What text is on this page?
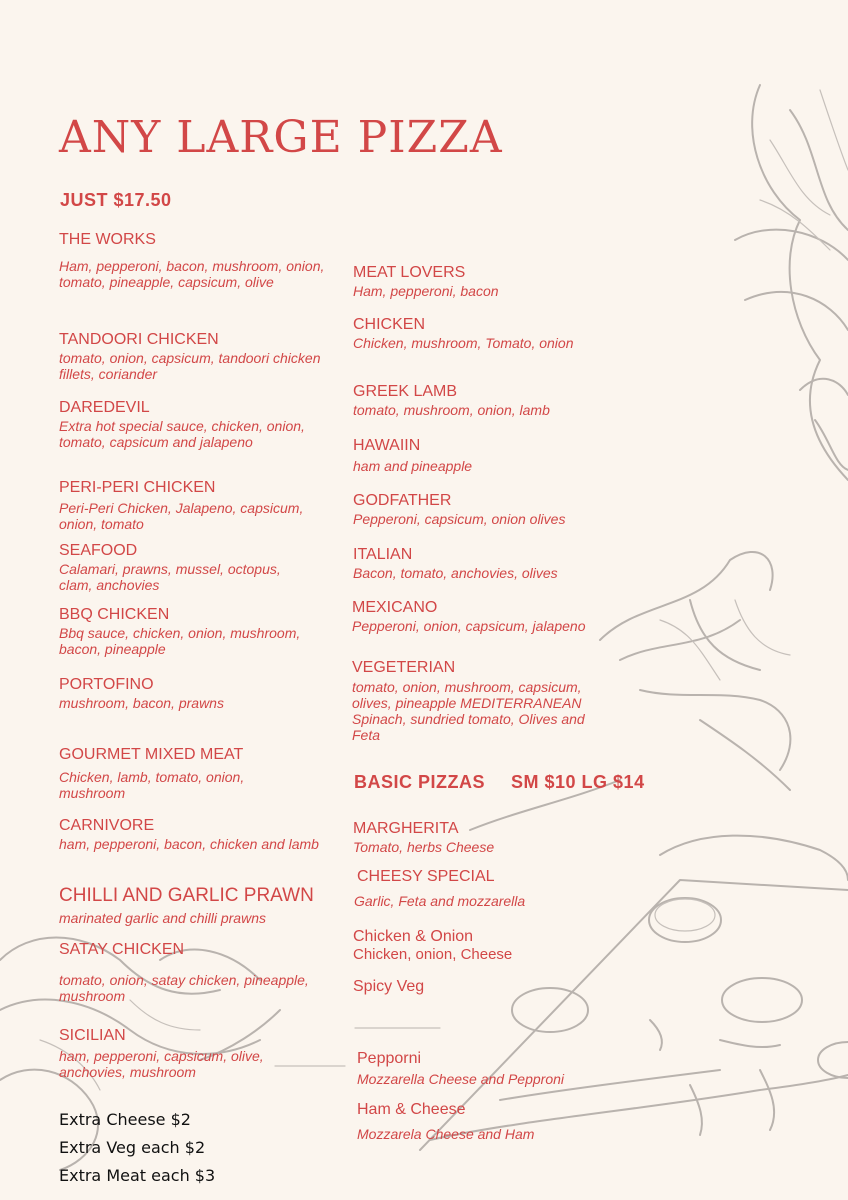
ANY LARGE PIZZA
JUST $17.50
THE WORKS
Ham, pepperoni, bacon, mushroom, onion, tomato, pineapple, capsicum, olive
TANDOORI CHICKEN
tomato, onion, capsicum, tandoori chicken fillets, coriander
DAREDEVIL
Extra hot special sauce, chicken, onion, tomato, capsicum and jalapeno
PERI-PERI CHICKEN
Peri-Peri Chicken, Jalapeno, capsicum, onion, tomato
SEAFOOD
Calamari, prawns, mussel, octopus, clam, anchovies
BBQ CHICKEN
Bbq sauce, chicken, onion, mushroom, bacon, pineapple
PORTOFINO
mushroom, bacon, prawns
GOURMET MIXED MEAT
Chicken, lamb, tomato, onion, mushroom
CARNIVORE
ham, pepperoni, bacon, chicken and lamb
CHILLI AND GARLIC PRAWN
marinated garlic and chilli prawns
SATAY CHICKEN
tomato, onion, satay chicken, pineapple, mushroom
SICILIAN
ham, pepperoni, capsicum, olive, anchovies, mushroom
MEAT LOVERS
Ham, pepperoni, bacon
CHICKEN
Chicken, mushroom, Tomato, onion
GREEK LAMB
tomato, mushroom, onion, lamb
HAWAIIN
ham and pineapple
GODFATHER
Pepperoni, capsicum, onion olives
ITALIAN
Bacon, tomato, anchovies, olives
MEXICANO
Pepperoni, onion, capsicum, jalapeno
VEGETERIAN
tomato, onion, mushroom, capsicum, olives, pineapple MEDITERRANEAN Spinach, sundried tomato, Olives and Feta
BASIC PIZZAS SM $10 LG $14
MARGHERITA
Tomato, herbs Cheese
CHEESY SPECIAL
Garlic, Feta and mozzarella
Chicken & Onion
Chicken, onion, Cheese
Spicy Veg
Pepporni
Mozzarella Cheese and Pepproni
Ham & Cheese
Mozzarela Cheese and Ham
Extra Cheese $2
Extra Veg each $2
Extra Meat each $3
